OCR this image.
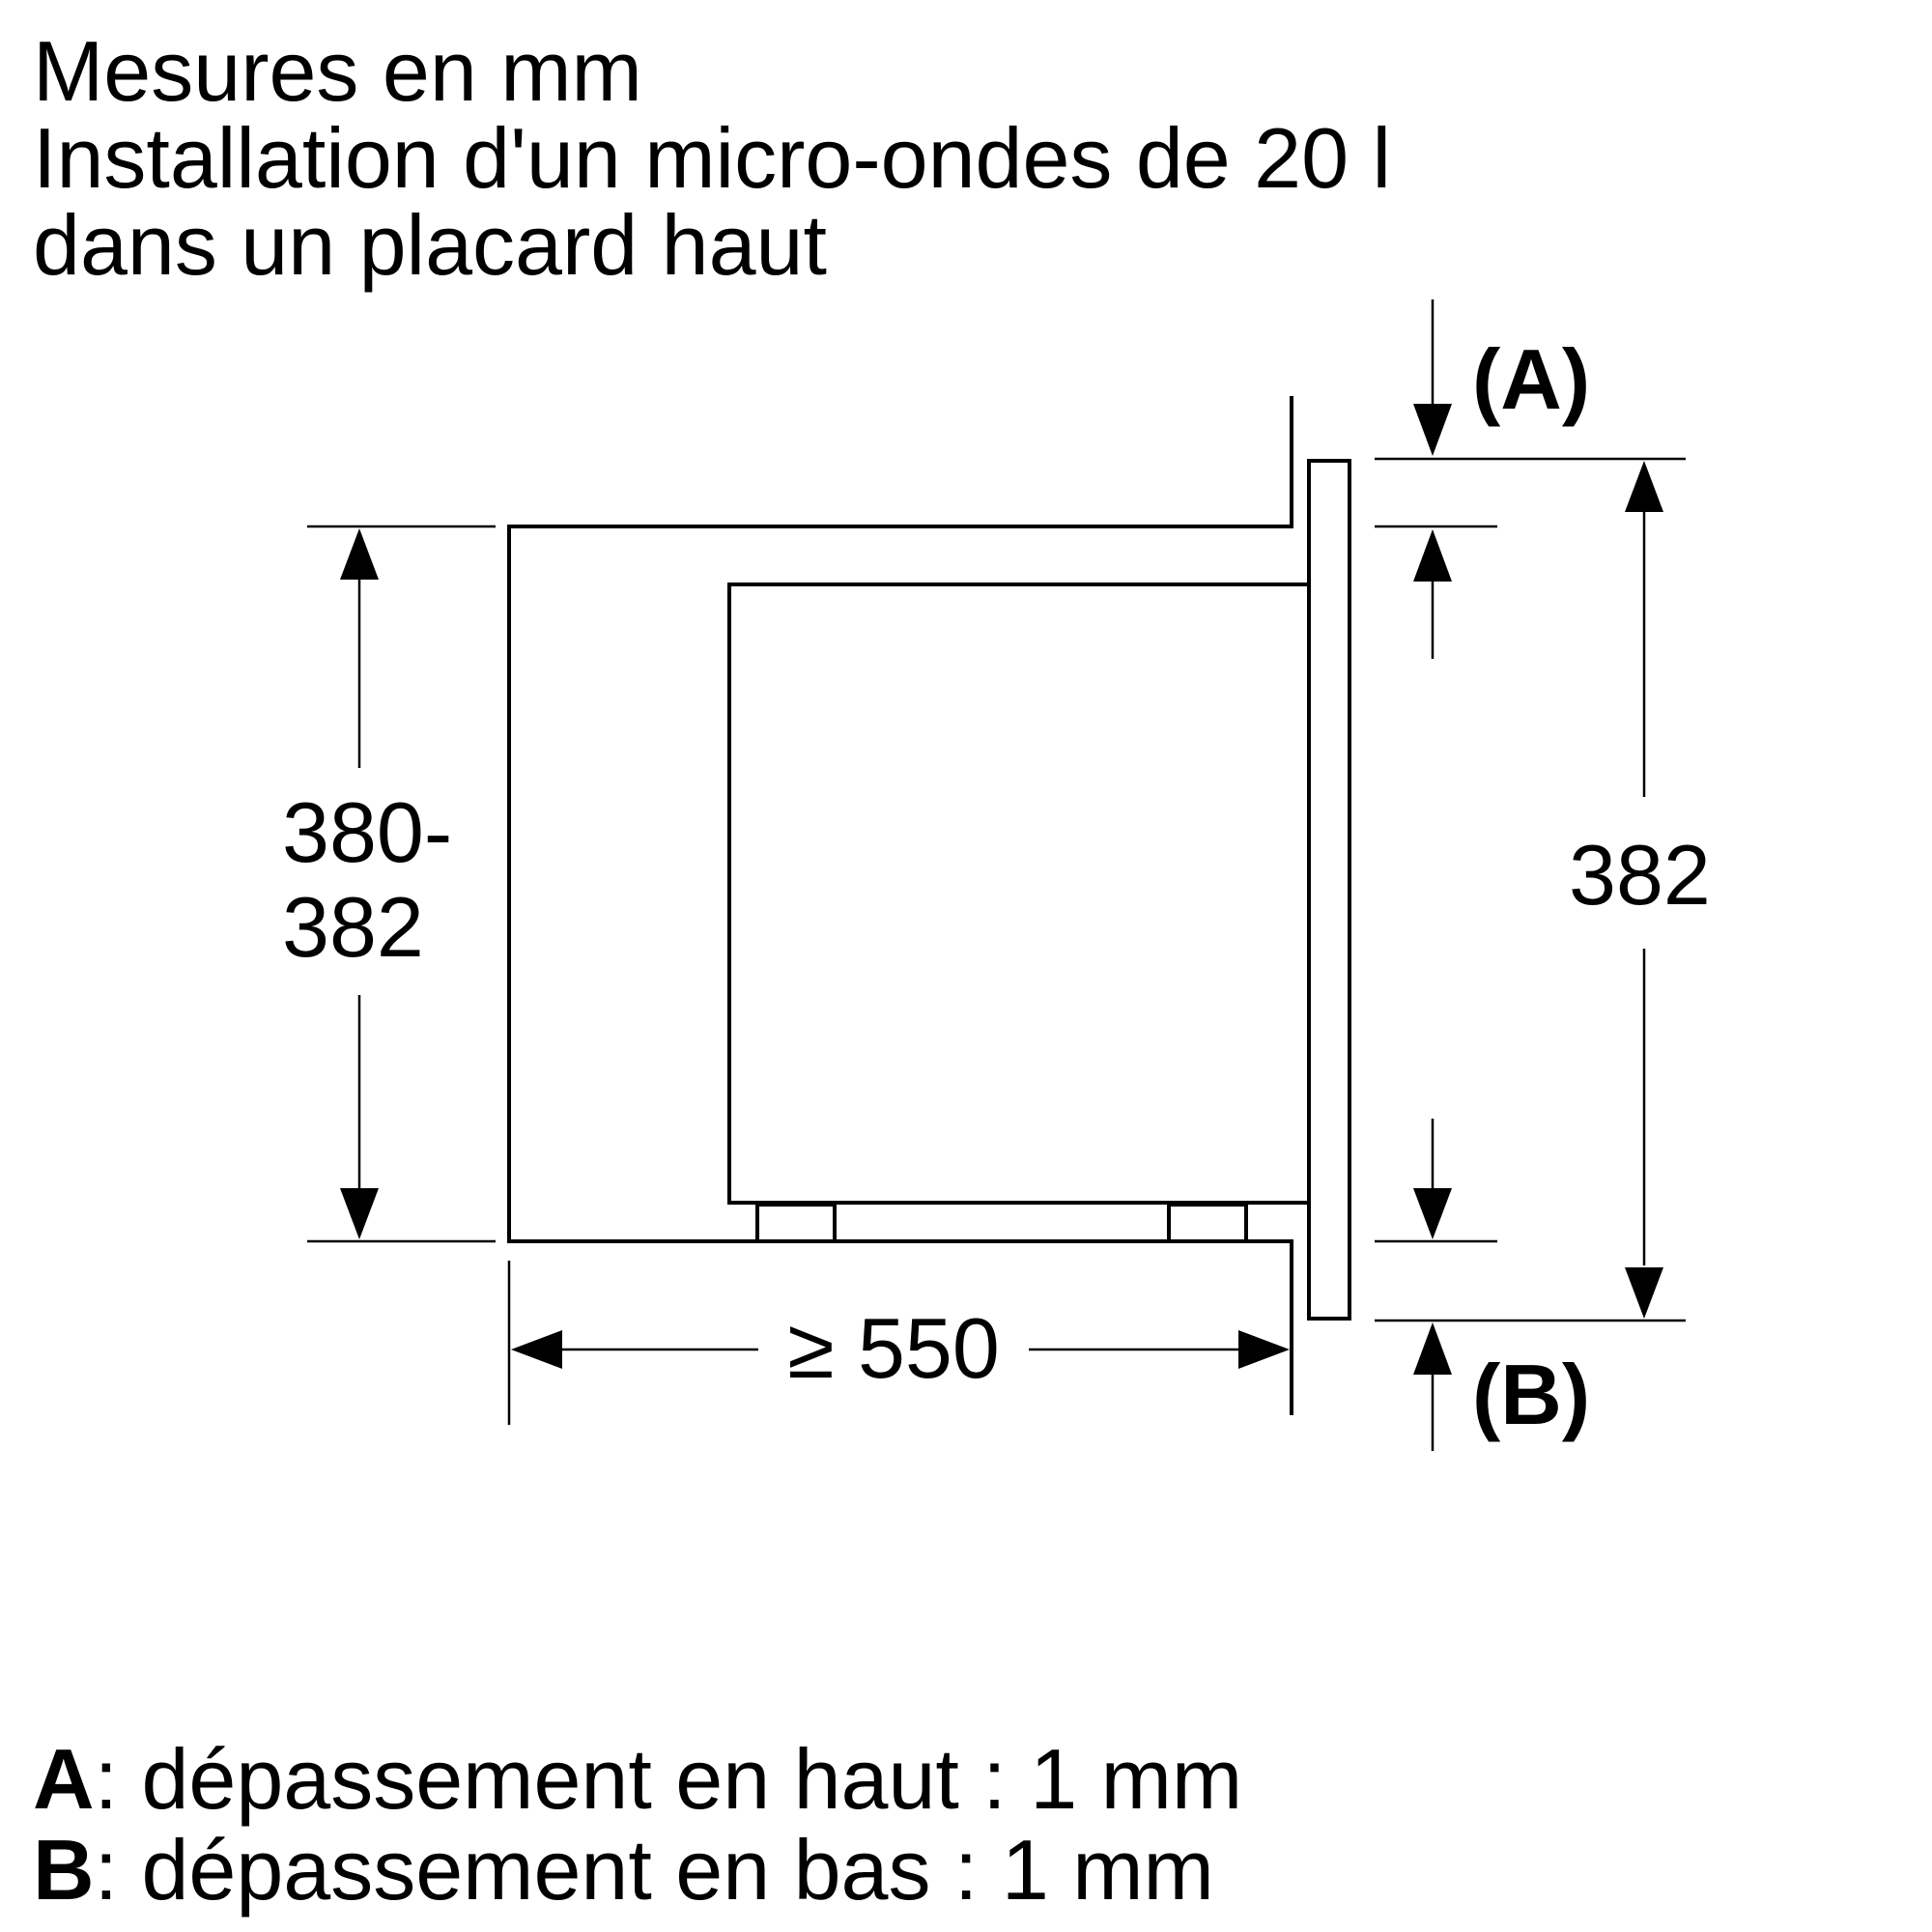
Mesures en mm

Installation d'un micro-ondes de 20 l

dans un placard haut

380-
382
382
≥ 550
(A)
(B)

A: dépassement en haut : 1 mm

B: dépassement en bas : 1 mm
